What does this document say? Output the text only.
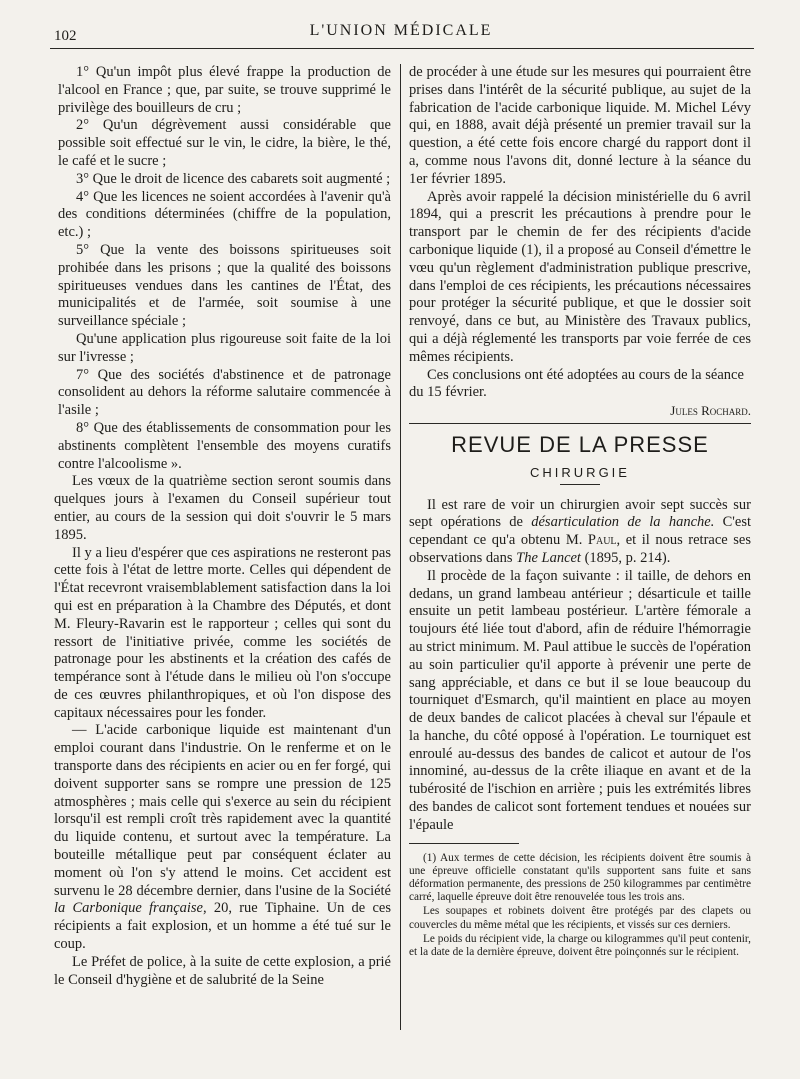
102	L'UNION MÉDICALE

1° Qu'un impôt plus élevé frappe la production de l'alcool en France ; que, par suite, se trouve supprimé le privilège des bouilleurs de cru ;

2° Qu'un dégrèvement aussi considérable que possible soit effectué sur le vin, le cidre, la bière, le thé, le café et le sucre ;

3° Que le droit de licence des cabarets soit augmenté ;

4° Que les licences ne soient accordées à l'avenir qu'à des conditions déterminées (chiffre de la population, etc.) ;

5° Que la vente des boissons spiritueuses soit prohibée dans les prisons ; que la qualité des boissons spiritueuses vendues dans les cantines de l'État, des municipalités et de l'armée, soit soumise à une surveillance spéciale ;

Qu'une application plus rigoureuse soit faite de la loi sur l'ivresse ;

7° Que des sociétés d'abstinence et de patronage consolident au dehors la réforme salutaire commencée à l'asile ;

8° Que des établissements de consommation pour les abstinents complètent l'ensemble des moyens curatifs contre l'alcoolisme ».

Les vœux de la quatrième section seront soumis dans quelques jours à l'examen du Conseil supérieur tout entier, au cours de la session qui doit s'ouvrir le 5 mars 1895.

Il y a lieu d'espérer que ces aspirations ne resteront pas cette fois à l'état de lettre morte. Celles qui dépendent de l'État recevront vraisemblablement satisfaction dans la loi qui est en préparation à la Chambre des Députés, et dont M. Fleury-Ravarin est le rapporteur ; celles qui sont du ressort de l'initiative privée, comme les sociétés de patronage pour les abstinents et la création des cafés de tempérance sont à l'étude dans le milieu où l'on s'occupe de ces œuvres philanthropiques, et où l'on dispose des capitaux nécessaires pour les fonder.

— L'acide carbonique liquide est maintenant d'un emploi courant dans l'industrie. On le renferme et on le transporte dans des récipients en acier ou en fer forgé, qui doivent supporter sans se rompre une pression de 125 atmosphères ; mais celle qui s'exerce au sein du récipient lorsqu'il est rempli croît très rapidement avec la quantité du liquide contenu, et surtout avec la température. La bouteille métallique peut par conséquent éclater au moment où l'on s'y attend le moins. Cet accident est survenu le 28 décembre dernier, dans l'usine de la Société la Carbonique française, 20, rue Tiphaine. Un de ces récipients a fait explosion, et un homme a été tué sur le coup.

Le Préfet de police, à la suite de cette explosion, a prié le Conseil d'hygiène et de salubrité de la Seine

de procéder à une étude sur les mesures qui pourraient être prises dans l'intérêt de la sécurité publique, au sujet de la fabrication de l'acide carbonique liquide. M. Michel Lévy qui, en 1888, avait déjà présenté un premier travail sur la question, a été cette fois encore chargé du rapport dont il a, comme nous l'avons dit, donné lecture à la séance du 1er février 1895.

Après avoir rappelé la décision ministérielle du 6 avril 1894, qui a prescrit les précautions à prendre pour le transport par le chemin de fer des récipients d'acide carbonique liquide (1), il a proposé au Conseil d'émettre le vœu qu'un règlement d'administration publique prescrive, dans l'emploi de ces récipients, les précautions nécessaires pour protéger la sécurité publique, et que le dossier soit renvoyé, dans ce but, au Ministère des Travaux publics, qui a déjà réglementé les transports par voie ferrée de ces mêmes récipients.

Ces conclusions ont été adoptées au cours de la séance du 15 février.

Jules Rochard.

REVUE DE LA PRESSE
CHIRURGIE

Il est rare de voir un chirurgien avoir sept succès sur sept opérations de désarticulation de la hanche. C'est cependant ce qu'a obtenu M. Paul, et il nous retrace ses observations dans The Lancet (1895, p. 214).

Il procède de la façon suivante : il taille, de dehors en dedans, un grand lambeau antérieur ; désarticule et taille ensuite un petit lambeau postérieur. L'artère fémorale a toujours été liée tout d'abord, afin de réduire l'hémorragie au strict minimum. M. Paul attibue le succès de l'opération au soin particulier qu'il apporte à prévenir une perte de sang appréciable, et dans ce but il se loue beaucoup du tourniquet d'Esmarch, qu'il maintient en place au moyen de deux bandes de calicot placées à cheval sur l'épaule et la hanche, du côté opposé à l'opération. Le tourniquet est enroulé au-dessus des bandes de calicot et autour de l'os innominé, au-dessus de la crête iliaque en avant et de la tubérosité de l'ischion en arrière ; puis les extrémités libres des bandes de calicot sont fortement tendues et nouées sur l'épaule

(1) Aux termes de cette décision, les récipients doivent être soumis à une épreuve officielle constatant qu'ils supportent sans fuite et sans déformation permanente, des pressions de 250 kilogrammes par centimètre carré, laquelle épreuve doit être renouvelée tous les trois ans.

Les soupapes et robinets doivent être protégés par des clapets ou couvercles du même métal que les récipients, et vissés sur ces derniers.

Le poids du récipient vide, la charge ou kilogrammes qu'il peut contenir, et la date de la dernière épreuve, doivent être poinçonnés sur le récipient.
